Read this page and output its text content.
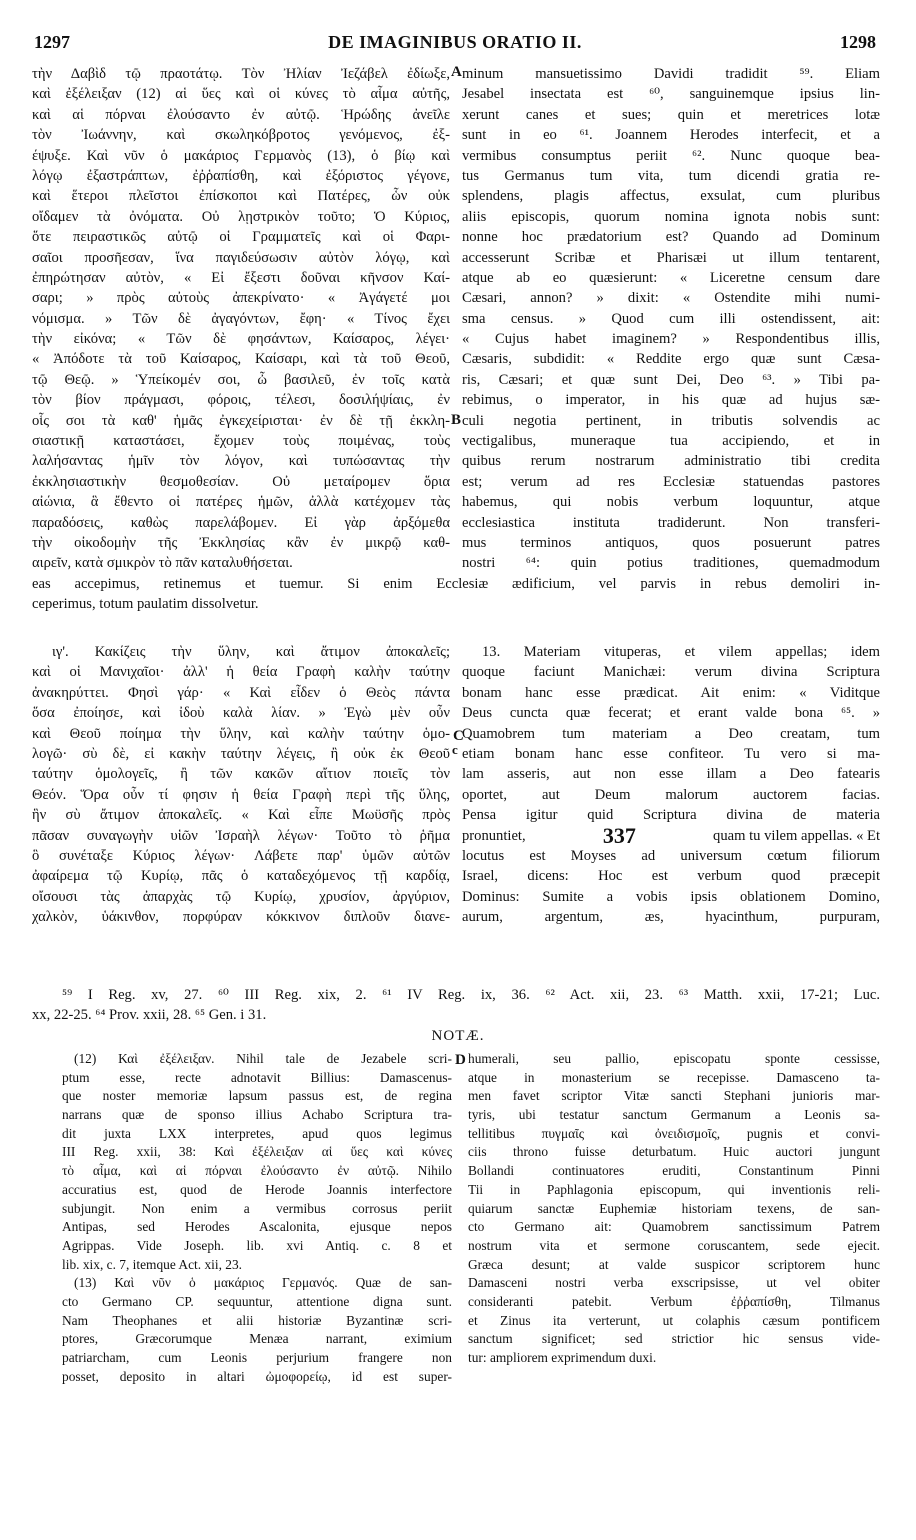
1297	DE IMAGINIBUS ORATIO II.	1298
A
B
C
c
D
τὴν Δαβὶδ τῷ πραοτάτῳ. Τὸν Ἠλίαν Ἰεζάβελ ἐδίωξε,
καὶ ἐξέλειξαν (12) αἱ ὕες καὶ οἱ κύνες τὸ αἷμα αὐτῆς,
καὶ αἱ πόρναι ἐλούσαντο ἐν αὐτῷ. Ἡρώδης ἀνεῖλε
τὸν Ἰωάννην, καὶ σκωληκόβροτος γενόμενος, ἐξ-
έψυξε. Καὶ νῦν ὁ μακάριος Γερμανὸς (13), ὁ βίῳ καὶ
λόγῳ ἐξαστράπτων, ἐῤῥαπίσθη, καὶ ἐξόριστος γέγονε,
καὶ ἕτεροι πλεῖστοι ἐπίσκοποι καὶ Πατέρες, ὧν οὐκ
οἴδαμεν τὰ ὀνόματα. Οὐ λῃστρικὸν τοῦτο; Ὁ Κύριος,
ὅτε πειραστικῶς αὐτῷ οἱ Γραμματεῖς καὶ οἱ Φαρι-
σαῖοι προσῆεσαν, ἵνα παγιδεύσωσιν αὐτὸν λόγῳ, καὶ
ἐπηρώτησαν αὐτὸν, « Εἰ ἔξεστι δοῦναι κῆνσον Καί-
σαρι; » πρὸς αὐτοὺς ἀπεκρίνατο· « Ἀγάγετέ μοι
νόμισμα. » Τῶν δὲ ἀγαγόντων, ἔφη· « Τίνος ἔχει
τὴν εἰκόνα; « Τῶν δὲ φησάντων, Καίσαρος, λέγει·
« Ἀπόδοτε τὰ τοῦ Καίσαρος, Καίσαρι, καὶ τὰ τοῦ Θεοῦ,
τῷ Θεῷ. » Ὑπείκομέν σοι, ὦ βασιλεῦ, ἐν τοῖς κατὰ
τὸν βίον πράγμασι, φόροις, τέλεσι, δοσιλήψίαις, ἐν
οἷς σοι τὰ καθ' ἡμᾶς ἐγκεχείρισται· ἐν δὲ τῇ ἐκκλη-
σιαστικῇ καταστάσει, ἔχομεν τοὺς ποιμένας, τοὺς
λαλήσαντας ἡμῖν τὸν λόγον, καὶ τυπώσαντας τὴν
ἐκκλησιαστικὴν θεσμοθεσίαν. Οὐ μεταίρομεν ὅρια
αἰώνια, ἃ ἔθεντο οἱ πατέρες ἡμῶν, ἀλλὰ κατέχομεν τὰς
παραδόσεις, καθὼς παρελάβομεν. Εἰ γὰρ ἀρξόμεθα
τὴν οἰκοδομὴν τῆς Ἐκκλησίας κἂν ἐν μικρῷ καθ-
αιρεῖν, κατὰ σμικρὸν τὸ πᾶν καταλυθήσεται.
minum mansuetissimo Davidi tradidit ⁵⁹. Eliam
Jesabel insectata est ⁶⁰, sanguinemque ipsius lin-
xerunt canes et sues; quin et meretrices lotæ
sunt in eo ⁶¹. Joannem Herodes interfecit, et a
vermibus consumptus periit ⁶². Nunc quoque bea-
tus Germanus tum vita, tum dicendi gratia re-
splendens, plagis affectus, exsulat, cum pluribus
aliis episcopis, quorum nomina ignota nobis sunt:
nonne hoc prædatorium est? Quando ad Dominum
accesserunt Scribæ et Pharisæi ut illum tentarent,
atque ab eo quæsierunt: « Liceretne censum dare
Cæsari, annon? » dixit: « Ostendite mihi numi-
sma census. » Quod cum illi ostendissent, ait:
« Cujus habet imaginem? » Respondentibus illis,
Cæsaris, subdidit: « Reddite ergo quæ sunt Cæsa-
ris, Cæsari; et quæ sunt Dei, Deo ⁶³. » Tibi pa-
rebimus, o imperator, in his quæ ad hujus sæ-
culi negotia pertinent, in tributis solvendis ac
vectigalibus, muneraque tua accipiendo, et in
quibus rerum nostrarum administratio tibi credita
est; verum ad res Ecclesiæ statuendas pastores
habemus, qui nobis verbum loquuntur, atque
ecclesiastica instituta tradiderunt. Non transferi-
mus terminos antiquos, quos posuerunt patres
nostri ⁶⁴: quin potius traditiones, quemadmodum
eas accepimus, retinemus et tuemur. Si enim Ecclesiæ ædificium, vel parvis in rebus demoliri in-
ceperimus, totum paulatim dissolvetur.
ιγ'. Κακίζεις τὴν ὕλην, καὶ ἄτιμον ἀποκαλεῖς;
καὶ οἱ Μανιχαῖοι· ἀλλ' ἡ θεία Γραφὴ καλὴν ταύτην
ἀνακηρύττει. Φησὶ γάρ· « Καὶ εἶδεν ὁ Θεὸς πάντα
ὅσα ἐποίησε, καὶ ἰδοὺ καλὰ λίαν. » Ἐγὼ μὲν οὖν
καὶ Θεοῦ ποίημα τὴν ὕλην, καὶ καλὴν ταύτην ὁμο-
λογῶ· σὺ δὲ, εἰ κακὴν ταύτην λέγεις, ἢ οὐκ ἐκ Θεοῦ
ταύτην ὁμολογεῖς, ἢ τῶν κακῶν αἴτιον ποιεῖς τὸν
Θεόν. Ὅρα οὖν τί φησιν ἡ θεία Γραφὴ περὶ τῆς ὕλης,
ἣν σὺ ἄτιμον ἀποκαλεῖς. « Καὶ εἶπε Μωϋσῆς πρὸς
πᾶσαν συναγωγὴν υἱῶν Ἰσραὴλ λέγων· Τοῦτο τὸ ῥῆμα
ὃ συνέταξε Κύριος λέγων· Λάβετε παρ' ὑμῶν αὐτῶν
ἀφαίρεμα τῷ Κυρίῳ, πᾶς ὁ καταδεχόμενος τῇ καρδίᾳ,
οἴσουσι τὰς ἀπαρχὰς τῷ Κυρίῳ, χρυσίον, ἀργύριον,
χαλκὸν, ὑάκινθον, πορφύραν κόκκινον διπλοῦν διανε-
13. Materiam vituperas, et vilem appellas; idem
quoque faciunt Manichæi: verum divina Scriptura
bonam hanc esse prædicat. Ait enim: « Viditque
Deus cuncta quæ fecerat; et erant valde bona ⁶⁵. »
Quamobrem tum materiam a Deo creatam, tum
etiam bonam hanc esse confiteor. Tu vero si ma-
lam asseris, aut non esse illam a Deo fatearis
oportet, aut Deum malorum auctorem facias.
Pensa igitur quid Scriptura divina de materia
pronuntiet,	337	quam tu vilem appellas. « Et
locutus est Moyses ad universum cœtum filiorum
Israel, dicens: Hoc est verbum quod præcepit
Dominus: Sumite a vobis ipsis oblationem Domino,
aurum, argentum, æs, hyacinthum, purpuram,
⁵⁹ I Reg. xv, 27. ⁶⁰ III Reg. xix, 2. ⁶¹ IV Reg. ix, 36. ⁶² Act. xii, 23. ⁶³ Matth. xxii, 17-21; Luc.
xx, 22-25. ⁶⁴ Prov. xxii, 28. ⁶⁵ Gen. i 31.
NOTÆ.
(12) Καὶ ἐξέλειξαν. Nihil tale de Jezabele scri-
ptum esse, recte adnotavit Billius: Damascenus-
que noster memoriæ lapsum passus est, de regina
narrans quæ de sponso illius Achabo Scriptura tra-
dit juxta LXX interpretes, apud quos legimus
III Reg. xxii, 38: Καὶ ἐξέλειξαν αἱ ὕες καὶ κύνες
τὸ αἷμα, καὶ αἱ πόρναι ἐλούσαντο ἐν αὐτῷ. Nihilo
accuratius est, quod de Herode Joannis interfectore
subjungit. Non enim a vermibus corrosus periit
Antipas, sed Herodes Ascalonita, ejusque nepos
Agrippas. Vide Joseph. lib. xvi Antiq. c. 8 et
lib. xix, c. 7, itemque Act. xii, 23.
(13) Καὶ νῦν ὁ μακάριος Γερμανός. Quæ de san-
cto Germano CP. sequuntur, attentione digna sunt.
Nam Theophanes et alii historiæ Byzantinæ scri-
ptores, Græcorumque Menæa narrant, eximium
patriarcham, cum Leonis perjurium frangere non
posset, deposito in altari ὠμοφορείῳ, id est super-
humerali, seu pallio, episcopatu sponte cessisse,
atque in monasterium se recepisse. Damasceno ta-
men favet scriptor Vitæ sancti Stephani junioris mar-
tyris, ubi testatur sanctum Germanum a Leonis sa-
tellitibus πυγμαῖς καὶ ὀνειδισμοῖς, pugnis et convi-
ciis throno fuisse deturbatum. Huic auctori jungunt
Bollandi continuatores eruditi, Constantinum Pinni
Tii in Paphlagonia episcopum, qui inventionis reli-
quiarum sanctæ Euphemiæ historiam texens, de san-
cto Germano ait: Quamobrem sanctissimum Patrem
nostrum vita et sermone coruscantem, sede ejecit.
Græca desunt; at valde suspicor scriptorem hunc
Damasceni nostri verba exscripsisse, ut vel obiter
consideranti patebit. Verbum ἐῤῥαπίσθη, Tilmanus
et Zinus ita verterunt, ut colaphis cæsum pontificem
sanctum significet; sed strictior hic sensus vide-
tur: ampliorem exprimendum duxi.
